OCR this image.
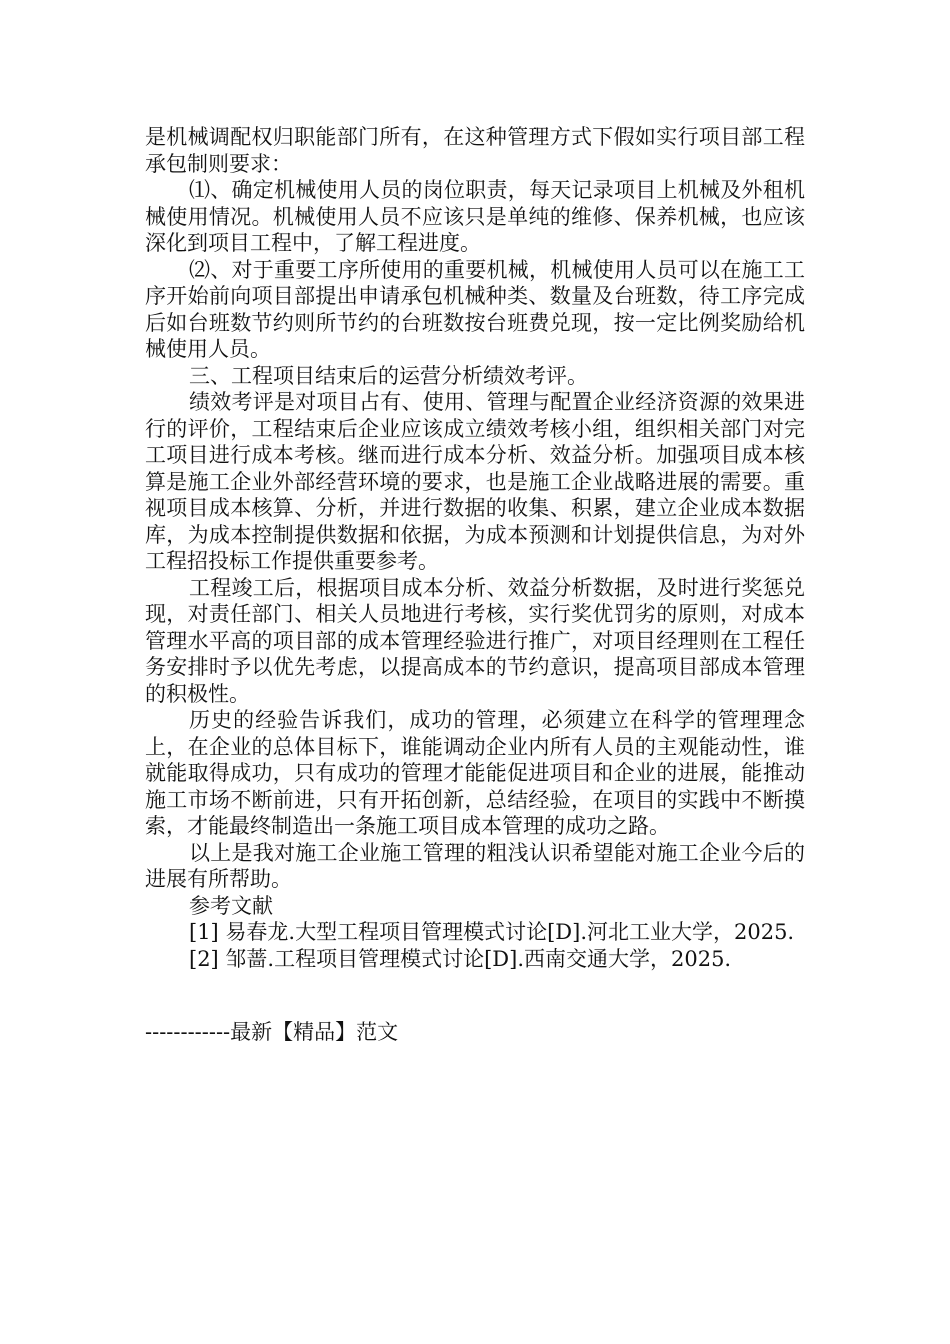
是机械调配权归职能部门所有，在这种管理方式下假如实行项目部工程承包制则要求：

⑴、确定机械使用人员的岗位职责，每天记录项目上机械及外租机械使用情况。机械使用人员不应该只是单纯的维修、保养机械，也应该深化到项目工程中，了解工程进度。

⑵、对于重要工序所使用的重要机械，机械使用人员可以在施工工序开始前向项目部提出申请承包机械种类、数量及台班数，待工序完成后如台班数节约则所节约的台班数按台班费兑现，按一定比例奖励给机械使用人员。

三、工程项目结束后的运营分析绩效考评。

绩效考评是对项目占有、使用、管理与配置企业经济资源的效果进行的评价，工程结束后企业应该成立绩效考核小组，组织相关部门对完工项目进行成本考核。继而进行成本分析、效益分析。加强项目成本核算是施工企业外部经营环境的要求，也是施工企业战略进展的需要。重视项目成本核算、分析，并进行数据的收集、积累，建立企业成本数据库，为成本控制提供数据和依据，为成本预测和计划提供信息，为对外工程招投标工作提供重要参考。

工程竣工后，根据项目成本分析、效益分析数据，及时进行奖惩兑现，对责任部门、相关人员地进行考核，实行奖优罚劣的原则，对成本管理水平高的项目部的成本管理经验进行推广，对项目经理则在工程任务安排时予以优先考虑，以提高成本的节约意识，提高项目部成本管理的积极性。

历史的经验告诉我们，成功的管理，必须建立在科学的管理理念上，在企业的总体目标下，谁能调动企业内所有人员的主观能动性，谁就能取得成功，只有成功的管理才能能促进项目和企业的进展，能推动施工市场不断前进，只有开拓创新，总结经验，在项目的实践中不断摸索，才能最终制造出一条施工项目成本管理的成功之路。

以上是我对施工企业施工管理的粗浅认识希望能对施工企业今后的进展有所帮助。

参考文献

[1] 易春龙.大型工程项目管理模式讨论[D].河北工业大学，2025.

[2] 邹蔷.工程项目管理模式讨论[D].西南交通大学，2025.

------------最新【精品】范文
